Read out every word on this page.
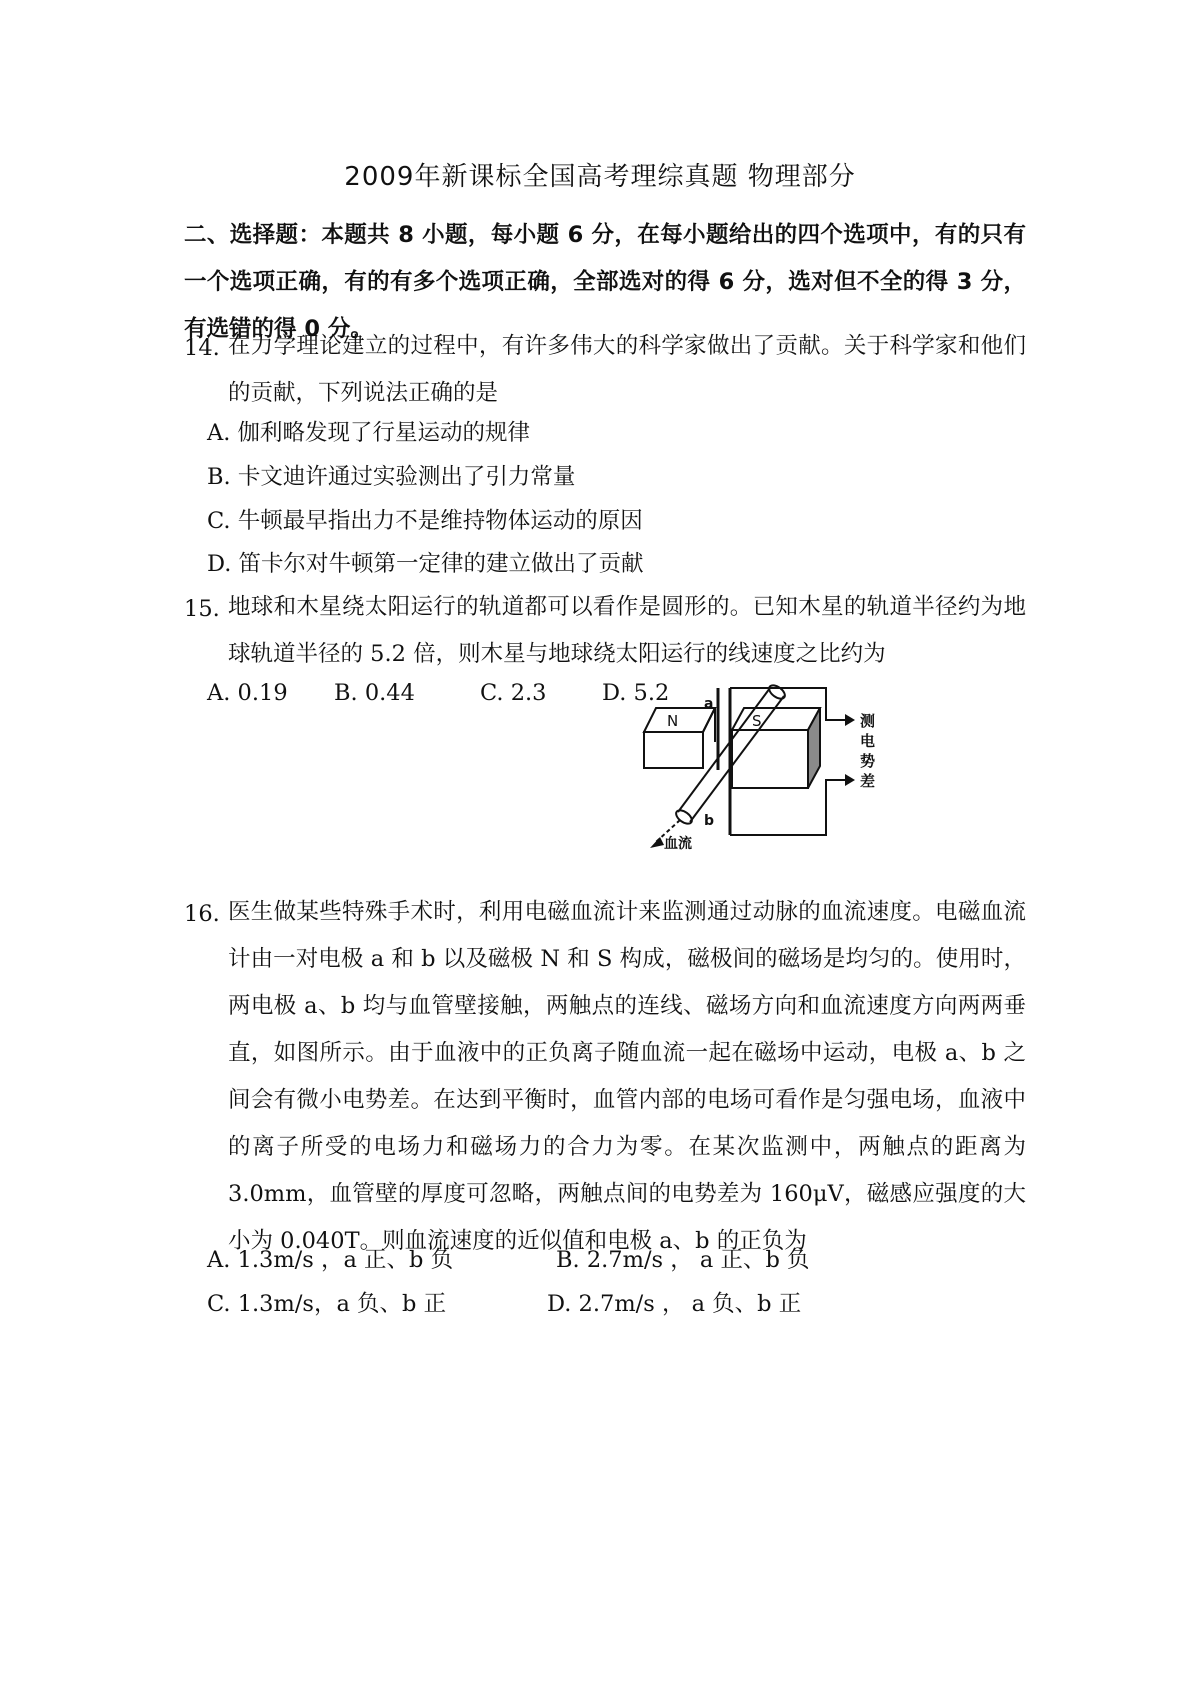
2009年新课标全国高考理综真题 物理部分
二、选择题：本题共 8 小题，每小题 6 分，在每小题给出的四个选项中，有的只有一个选项正确，有的有多个选项正确，全部选对的得 6 分，选对但不全的得 3 分，有选错的得 0 分。
14. 在力学理论建立的过程中，有许多伟大的科学家做出了贡献。关于科学家和他们的贡献，下列说法正确的是
A. 伽利略发现了行星运动的规律
B. 卡文迪许通过实验测出了引力常量
C. 牛顿最早指出力不是维持物体运动的原因
D. 笛卡尔对牛顿第一定律的建立做出了贡献
15. 地球和木星绕太阳运行的轨道都可以看作是圆形的。已知木星的轨道半径约为地球轨道半径的 5.2 倍，则木星与地球绕太阳运行的线速度之比约为
A. 0.19 B. 0.44	C. 2.3 D. 5.2 a
b
N	S	测
电
势
差
血流
16. 医生做某些特殊手术时，利用电磁血流计来监测通过动脉的血流速度。电磁血流计由一对电极 a 和 b 以及磁极 N 和 S 构成，磁极间的磁场是均匀的。使用时，两电极 a、b 均与血管壁接触，两触点的连线、磁场方向和血流速度方向两两垂直，如图所示。由于血液中的正负离子随血流一起在磁场中运动，电极 a、b 之间会有微小电势差。在达到平衡时，血管内部的电场可看作是匀强电场，血液中的离子所受的电场力和磁场力的合力为零。在某次监测中，两触点的距离为 3.0mm，血管壁的厚度可忽略，两触点间的电势差为 160μV，磁感应强度的大小为 0.040T。则血流速度的近似值和电极 a、b 的正负为
A. 1.3m/s ，a 正、b 负	B. 2.7m/s ， a 正、b 负
C. 1.3m/s，a 负、b 正	D. 2.7m/s ， a 负、b 正
